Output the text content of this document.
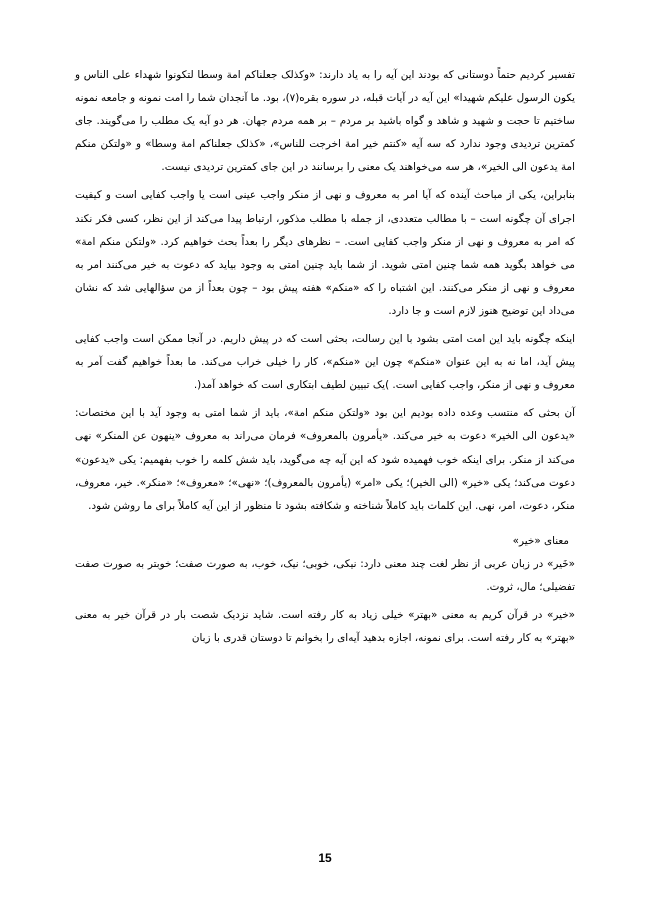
تفسیر کردیم حتماً دوستانی که بودند این آیه را به یاد دارند: «وکذلک جعلناکم امة وسطا لتکونوا شهداء علی الناس و یکون الرسول علیکم شهیدا» این آیه در آیات قبله، در سوره بقره(٧)، بود. ما آنجدان شما را امت نمونه و جامعه نمونه ساختیم تا حجت و شهید و شاهد و گواه باشید بر مردم – بر همه مردم جهان. هر دو آیه یک مطلب را می‌گویند. جای کمترین تردیدی وجود ندارد که سه آیه «کنتم خیر امة اخرجت للناس»، «کذلک جعلناکم امة وسطا» و «ولتکن منکم امة یدعون الی الخیر»، هر سه می‌خواهند یک معنی را برسانند در این جای کمترین تردیدی نیست.

بنابراین، یکی از مباحث آینده که آیا امر به معروف و نهی از منکر واجب عینی است یا واجب کفایی است و کیفیت اجرای آن چگونه است – با مطالب متعددی، از جمله با مطلب مذکور، ارتباط پیدا می‌کند از این نظر، کسی فکر نکند که امر به معروف و نهی از منکر واجب کفایی است. – نظرهای دیگر را بعداً بحث خواهیم کرد. «ولتکن منکم امة» می خواهد بگوید همه شما چنین امتی شوید. از شما باید چنین امتی به وجود بیاید که دعوت به خیر می‌کنند امر به معروف و نهی از منکر می‌کنند. این اشتباه را که «منکم» هفته پیش بود – چون بعداً از من سؤالهایی شد که نشان می‌داد این توضیح هنوز لازم است و جا دارد.

اینکه چگونه باید این امت امتی بشود با این رسالت، بحثی است که در پیش داریم. در آنجا ممکن است واجب کفایی پیش آید، اما نه به این عنوان «منکم» چون این «منکم»، کار را خیلی خراب می‌کند. ما بعداً خواهیم گفت آمر به معروف و نهی از منکر، واجب کفایی است. )یک تبیین لطیف ابتکاری است که خواهد آمد(.

آن بحثی که منتسب وعده داده بودیم این بود «ولتکن منکم امة»، باید از شما امتی به وجود آید با این مختصات: «یدعون الی الخیر» دعوت به خیر می‌کند. «یأمرون بالمعروف» فرمان می‌راند به معروف «ینهون عن المنکر» نهی می‌کند از منکر. برای اینکه خوب فهمیده شود که این آیه چه می‌گوید، باید شش کلمه را خوب بفهمیم: یکی «یدعون» دعوت می‌کند؛ یکی «خیر» (الی الخیر)؛ یکی «امر» (یأمرون بالمعروف)؛ «نهی»؛ «معروف»؛ «منکر». خیر، معروف، منکر، دعوت، امر، نهی. این کلمات باید کاملاً شناخته و شکافته بشود تا منظور از این آیه کاملاً برای ما روشن شود.

معنای «خیر»

«خَیر» در زبان عربی از نظر لغت چند معنی دارد: نیکی، خوبی؛ نیک، خوب، به صورت صفت؛ خوبتر به صورت صفت تفضیلی؛ مال، ثروت.

«خیر» در قرآن کریم به معنی «بهتر» خیلی زیاد به کار رفته است. شاید نزدیک شصت بار در قرآن خیر به معنی «بهتر» به کار رفته است. برای نمونه، اجازه بدهید آیه‌ای را بخوانم تا دوستان قدری با زبان

15
